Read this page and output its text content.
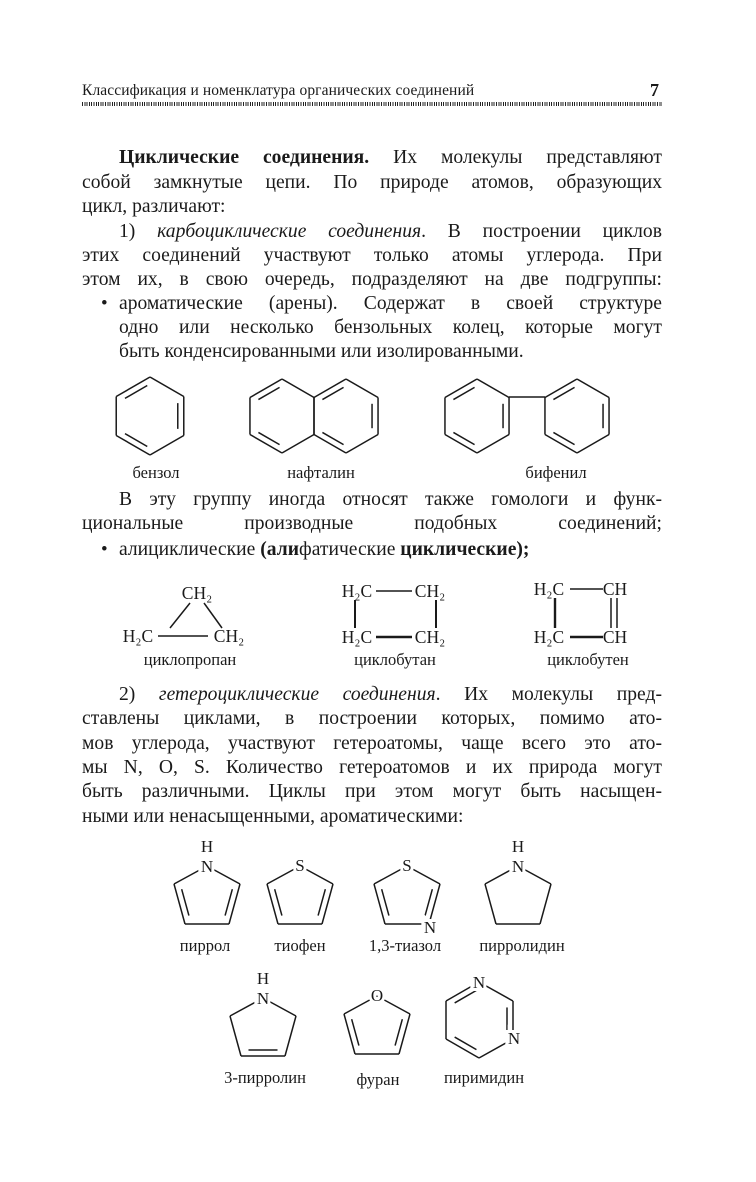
Классификация и номенклатура органических соединений	7
Циклические соединения. Их молекулы представляют
собой замкнутые цепи. По природе атомов, образующих
цикл, различают:
1) карбоциклические соединения. В построении циклов
этих соединений участвуют только атомы углерода. При
этом их, в свою очередь, подразделяют на две подгруппы:
• ароматические (арены). Содержат в своей структуре
одно или несколько бензольных колец, которые могут
быть конденсированными или изолированными.
В эту группу иногда относят также гомологи и функ-
циональные производные подобных соединений;
• алициклические (алифатические циклические);
2) гетероциклические соединения. Их молекулы пред-
ставлены циклами, в построении которых, помимо ато-
мов углерода, участвуют гетероатомы, чаще всего это ато-
мы N, O, S. Количество гетероатомов и их природа могут
быть различными. Циклы при этом могут быть насыщен-
ными или ненасыщенными, ароматическими:
бензол	нафталин	бифенил
CH₂
H₂C	CH₂
циклопропан
H₂C CH₂
H₂C CH₂
циклобутан
H₂C CH
H₂C CH
циклобутен
H
N
пиррол
S
тиофен
S
N
1,3-тиазол
H
N
пирролидин
H
N
3-пирролин
O
фуран
N
N
пиримидин
